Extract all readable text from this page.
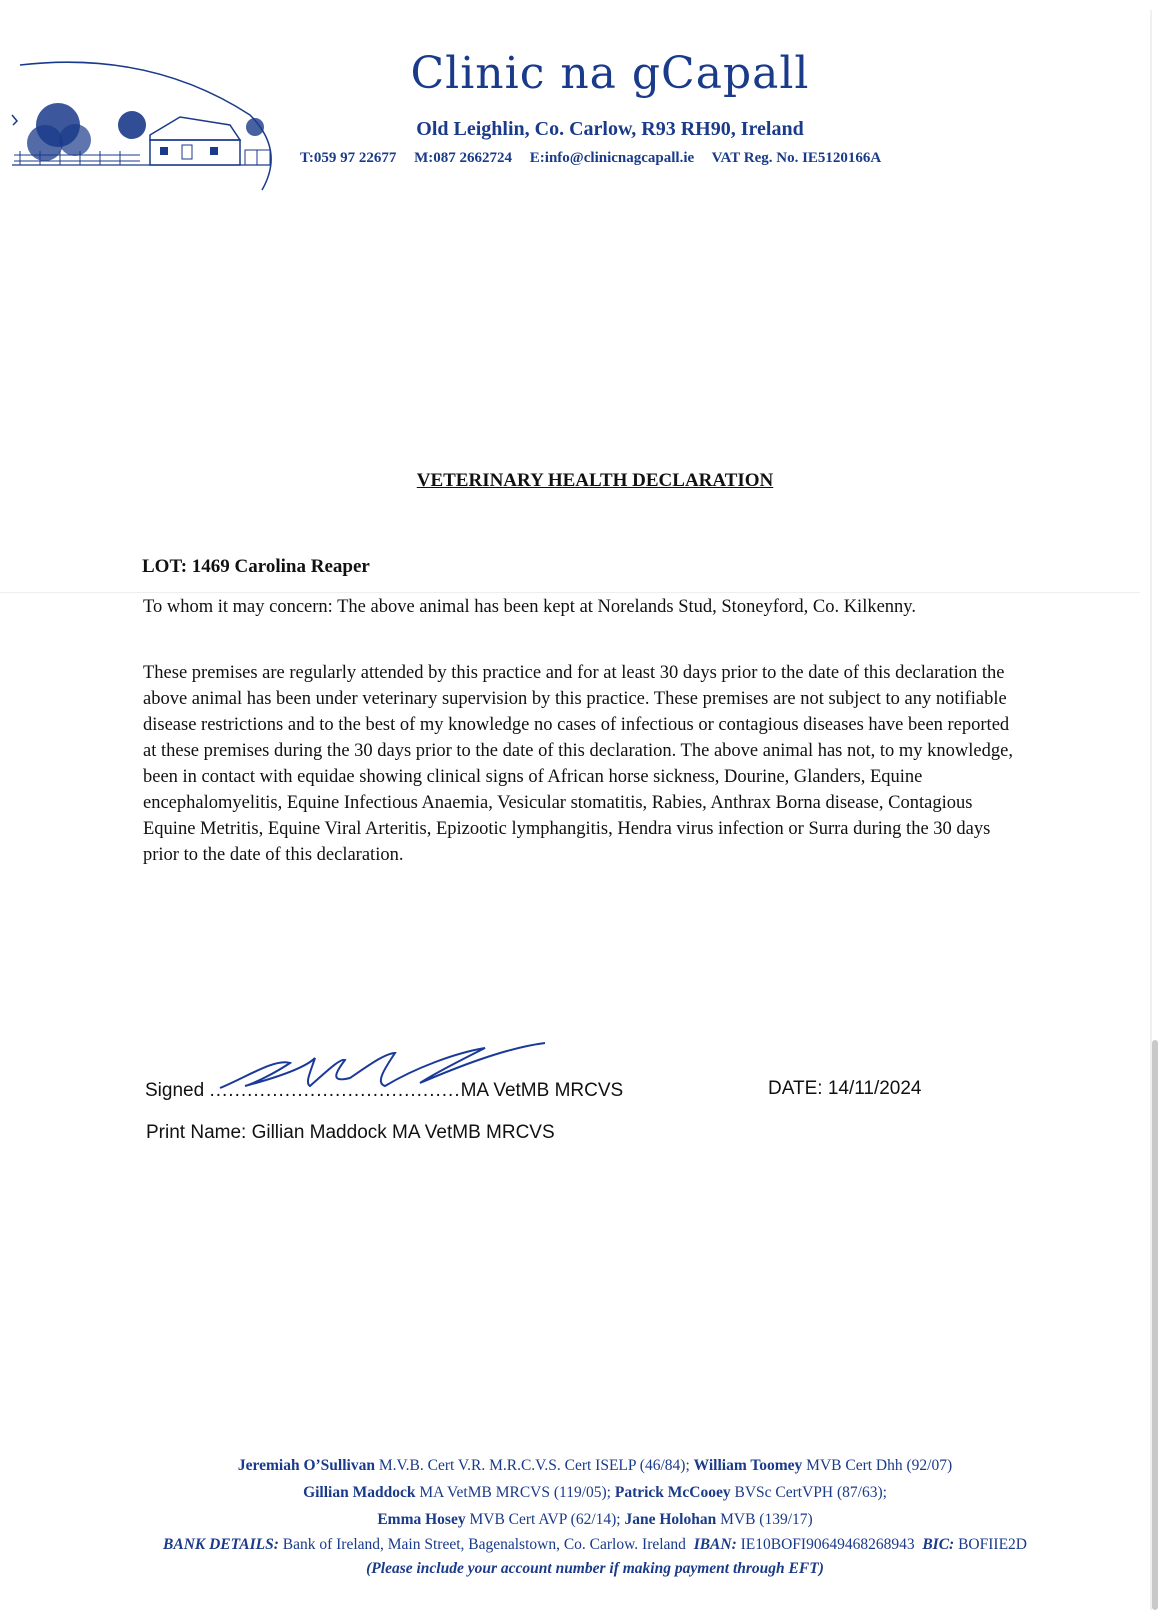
Clinic na gCapall
Old Leighlin, Co. Carlow, R93 RH90, Ireland
T:059 97 22677 M:087 2662724 E:info@clinicnagcapall.ie VAT Reg. No. IE5120166A
VETERINARY HEALTH DECLARATION
LOT: 1469 Carolina Reaper
To whom it may concern: The above animal has been kept at Norelands Stud, Stoneyford, Co. Kilkenny.
These premises are regularly attended by this practice and for at least 30 days prior to the date of this declaration the above animal has been under veterinary supervision by this practice. These premises are not subject to any notifiable disease restrictions and to the best of my knowledge no cases of infectious or contagious diseases have been reported at these premises during the 30 days prior to the date of this declaration. The above animal has not, to my knowledge, been in contact with equidae showing clinical signs of African horse sickness, Dourine, Glanders, Equine encephalomyelitis, Equine Infectious Anaemia, Vesicular stomatitis, Rabies, Anthrax Borna disease, Contagious Equine Metritis, Equine Viral Arteritis, Epizootic lymphangitis, Hendra virus infection or Surra during the 30 days prior to the date of this declaration.
Signed ........................................MA VetMB MRCVS	DATE: 14/11/2024
Print Name: Gillian Maddock MA VetMB MRCVS
Jeremiah O’Sullivan M.V.B. Cert V.R. M.R.C.V.S. Cert ISELP (46/84); William Toomey MVB Cert Dhh (92/07)
Gillian Maddock MA VetMB MRCVS (119/05); Patrick McCooey BVSc CertVPH (87/63);
Emma Hosey MVB Cert AVP (62/14); Jane Holohan MVB (139/17)
BANK DETAILS: Bank of Ireland, Main Street, Bagenalstown, Co. Carlow. Ireland IBAN: IE10BOFI90649468268943 BIC: BOFIIE2D
(Please include your account number if making payment through EFT)
